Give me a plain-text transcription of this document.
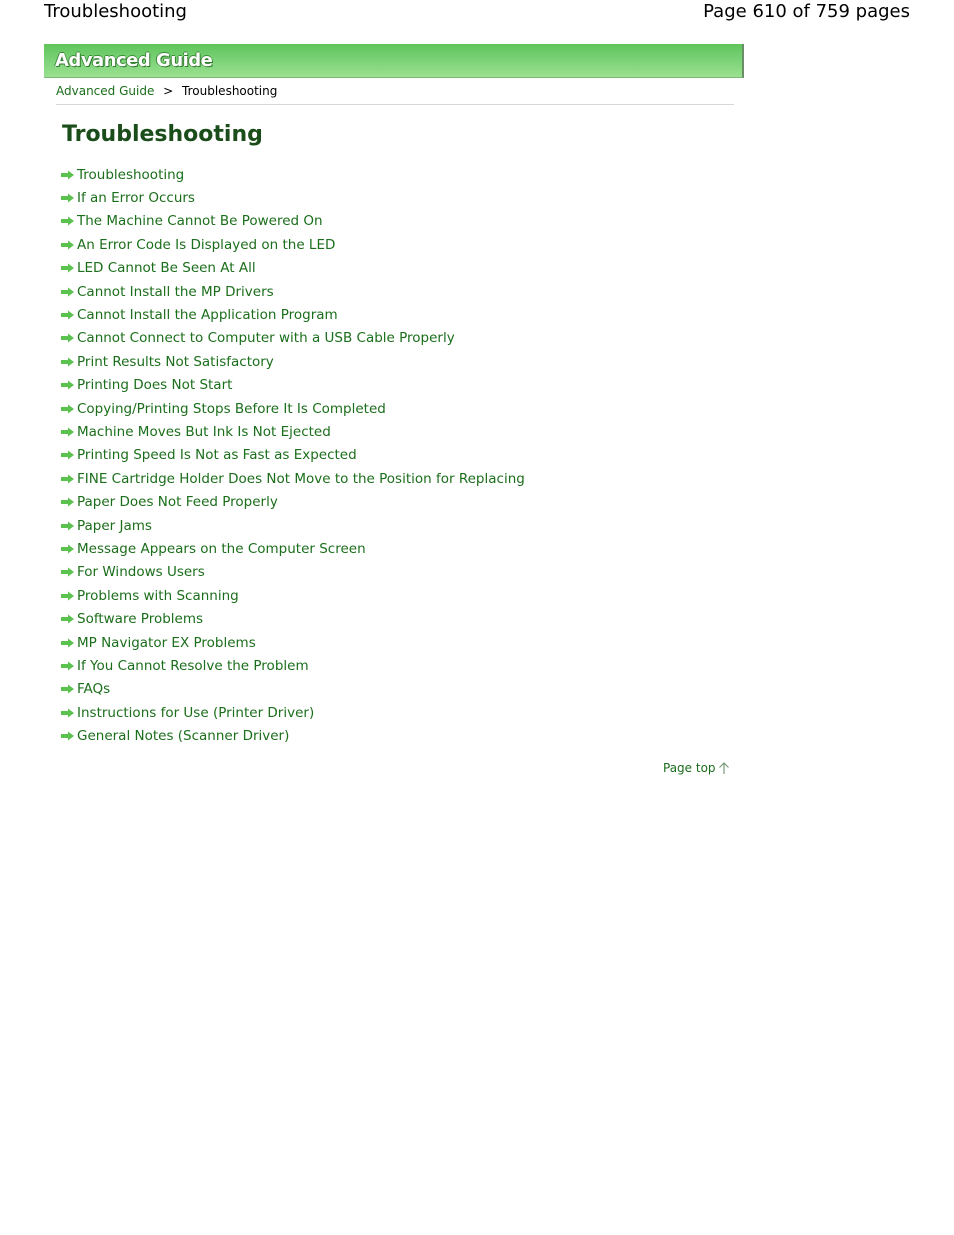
Troubleshooting	Page 610 of 759 pages
Advanced Guide
Advanced Guide > Troubleshooting
Troubleshooting
Troubleshooting
If an Error Occurs
The Machine Cannot Be Powered On
An Error Code Is Displayed on the LED
LED Cannot Be Seen At All
Cannot Install the MP Drivers
Cannot Install the Application Program
Cannot Connect to Computer with a USB Cable Properly
Print Results Not Satisfactory
Printing Does Not Start
Copying/Printing Stops Before It Is Completed
Machine Moves But Ink Is Not Ejected
Printing Speed Is Not as Fast as Expected
FINE Cartridge Holder Does Not Move to the Position for Replacing
Paper Does Not Feed Properly
Paper Jams
Message Appears on the Computer Screen
For Windows Users
Problems with Scanning
Software Problems
MP Navigator EX Problems
If You Cannot Resolve the Problem
FAQs
Instructions for Use (Printer Driver)
General Notes (Scanner Driver)
Page top
